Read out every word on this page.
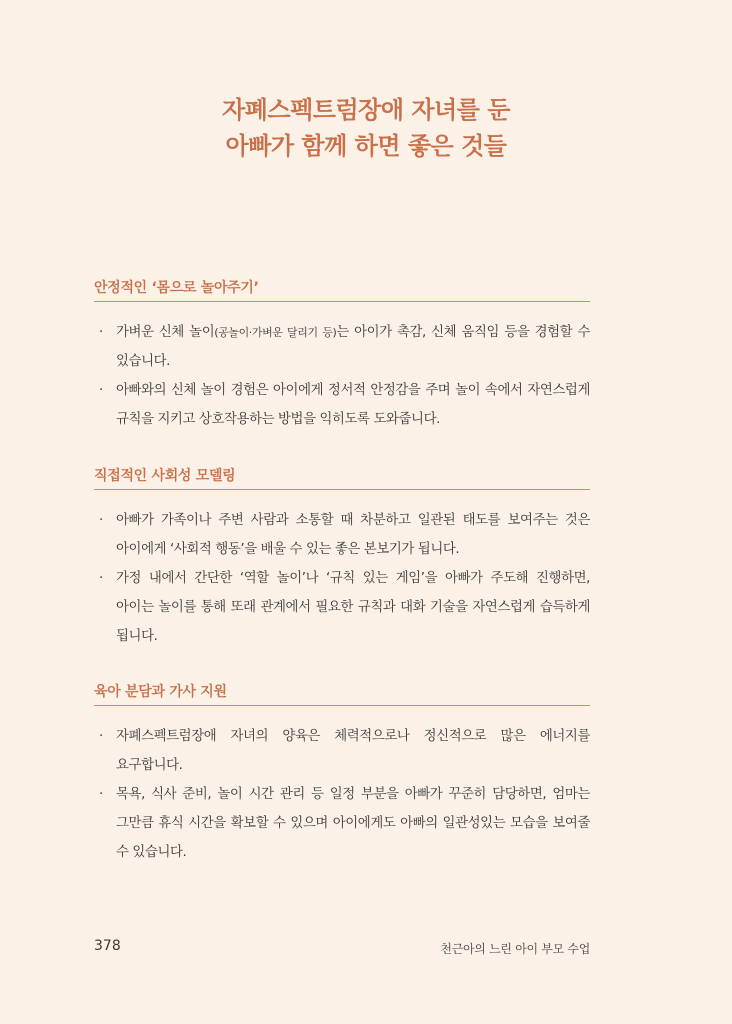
자폐스펙트럼장애 자녀를 둔
아빠가 함께 하면 좋은 것들
안정적인 ‘몸으로 놀아주기’
· 가벼운 신체 놀이(공놀이·가벼운 달리기 등)는 아이가 촉감, 신체 움직임 등을 경험할 수 있습니다.
· 아빠와의 신체 놀이 경험은 아이에게 정서적 안정감을 주며 놀이 속에서 자연스럽게 규칙을 지키고 상호작용하는 방법을 익히도록 도와줍니다.
직접적인 사회성 모델링
· 아빠가 가족이나 주변 사람과 소통할 때 차분하고 일관된 태도를 보여주는 것은 아이에게 ‘사회적 행동’을 배울 수 있는 좋은 본보기가 됩니다.
· 가정 내에서 간단한 ‘역할 놀이’나 ‘규칙 있는 게임’을 아빠가 주도해 진행하면, 아이는 놀이를 통해 또래 관계에서 필요한 규칙과 대화 기술을 자연스럽게 습득하게 됩니다.
육아 분담과 가사 지원
· 자폐스펙트럼장애 자녀의 양육은 체력적으로나 정신적으로 많은 에너지를 요구합니다.
· 목욕, 식사 준비, 놀이 시간 관리 등 일정 부분을 아빠가 꾸준히 담당하면, 엄마는 그만큼 휴식 시간을 확보할 수 있으며 아이에게도 아빠의 일관성있는 모습을 보여줄 수 있습니다.
378	천근아의 느린 아이 부모 수업
